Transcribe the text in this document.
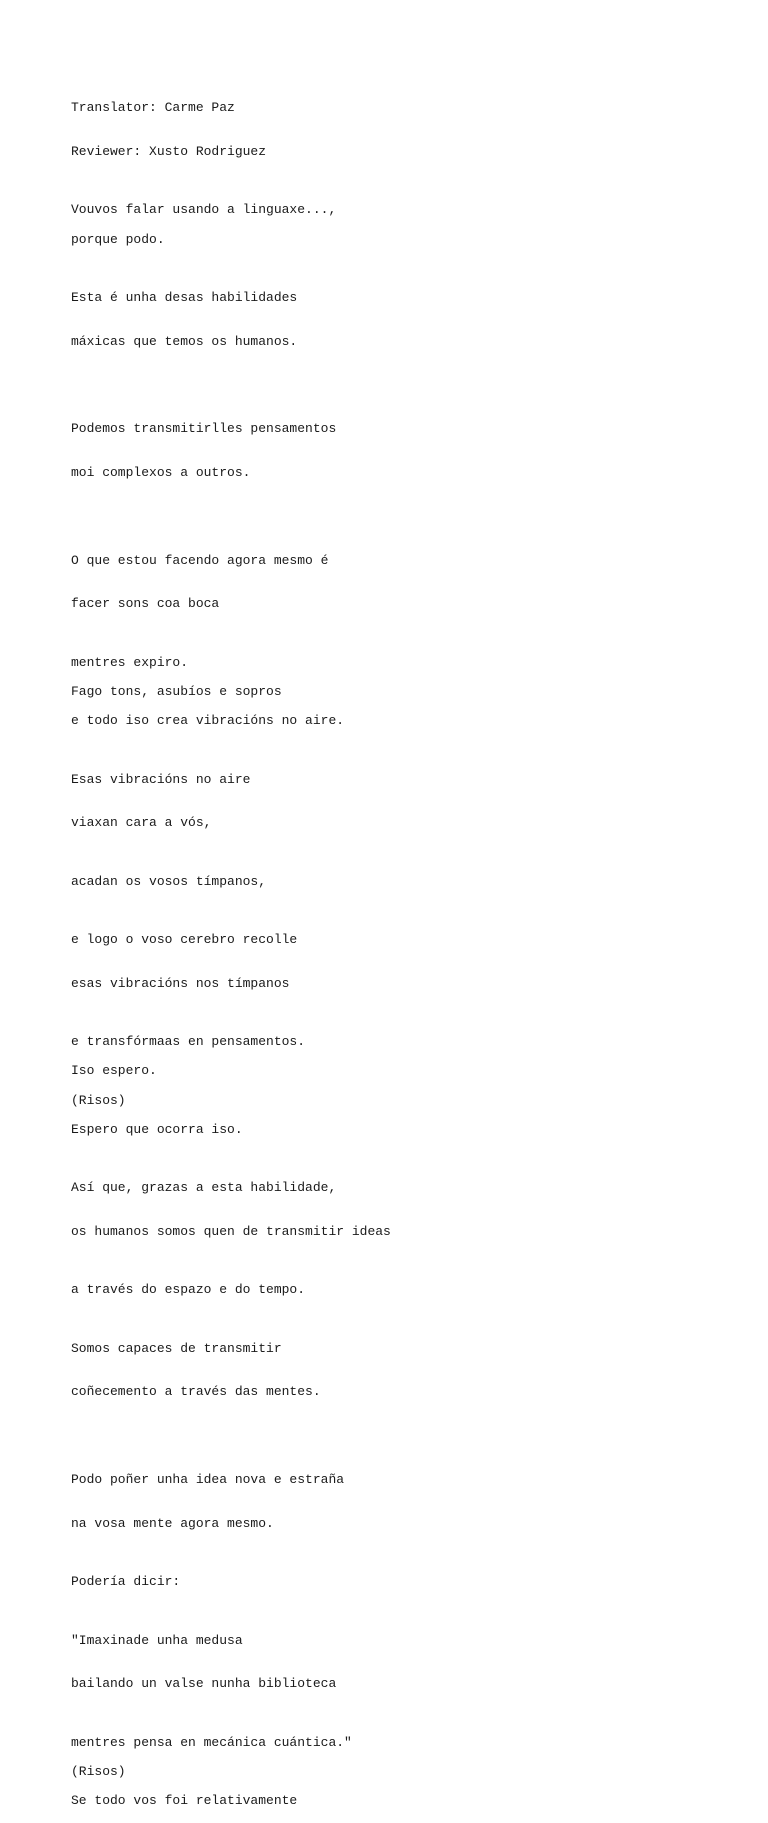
Translator: Carme Paz

Reviewer: Xusto Rodriguez

Vouvos falar usando a linguaxe...,

porque podo.

Esta é unha desas habilidades

máxicas que temos os humanos.

Podemos transmitirlles pensamentos

moi complexos a outros.

O que estou facendo agora mesmo é

facer sons coa boca

mentres expiro.

Fago tons, asubíos e sopros

e todo iso crea vibracións no aire.

Esas vibracións no aire

viaxan cara a vós,

acadan os vosos tímpanos,

e logo o voso cerebro recolle

esas vibracións nos tímpanos

e transfórmaas en pensamentos.

Iso espero.

(Risos)

Espero que ocorra iso.

Así que, grazas a esta habilidade,

os humanos somos quen de transmitir ideas

a través do espazo e do tempo.

Somos capaces de transmitir

coñecemento a través das mentes.

Podo poñer unha idea nova e estraña

na vosa mente agora mesmo.

Podería dicir:

"Imaxinade unha medusa

bailando un valse nunha biblioteca

mentres pensa en mecánica cuántica."

(Risos)

Se todo vos foi relativamente
